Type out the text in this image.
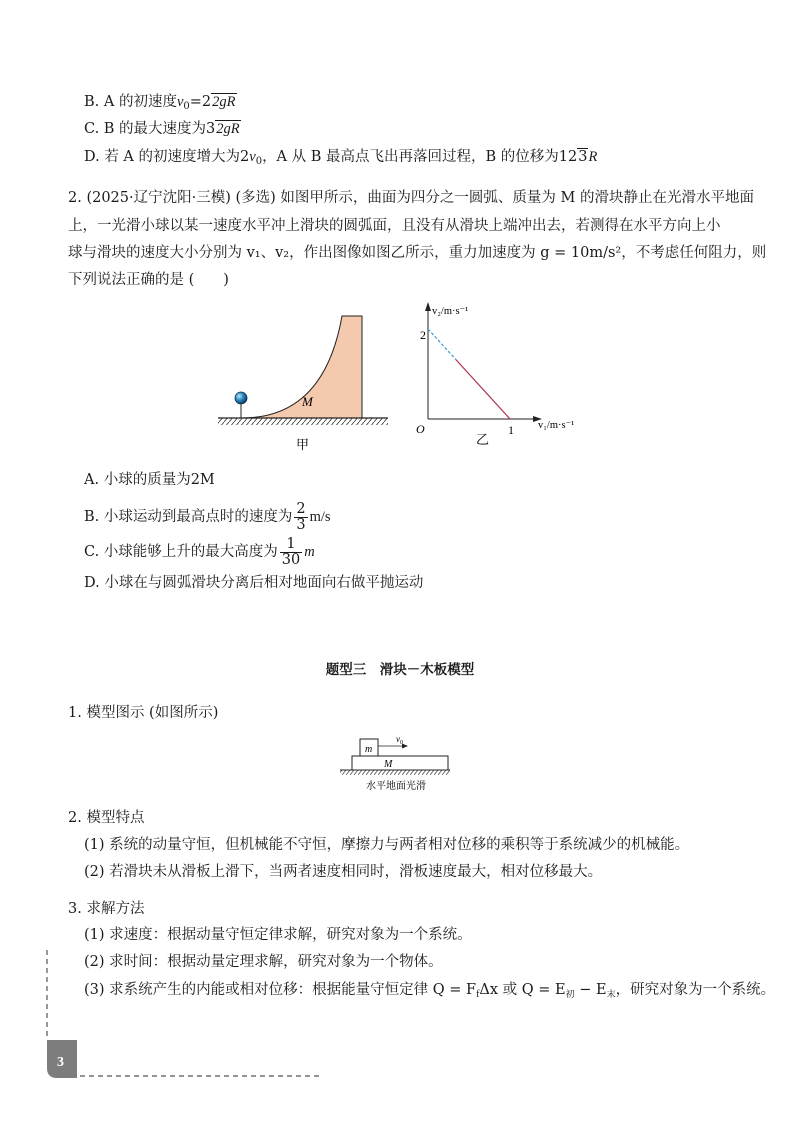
B. A 的初速度$v_0=22gR$
C. B 的最大速度为32gR
D. 若 A 的初速度增大为$2v_0$，A 从 B 最高点飞出再落回过程，B 的位移为123R
2. (2025·辽宁沈阳·三模) (多选) 如图甲所示，曲面为四分之一圆弧、质量为 M 的滑块静止在光滑水平地面
上，一光滑小球以某一速度水平冲上滑块的圆弧面，且没有从滑块上端冲出去，若测得在水平方向上小
球与滑块的速度大小分别为 v₁、v₂，作出图像如图乙所示，重力加速度为 g = 10m/s²，不考虑任何阻力，则
下列说法正确的是 (　　)
M
甲
v₂/m·s⁻¹
v₁/m·s⁻¹
O
2
1
乙
A. 小球的质量为2M
B. 小球运动到最高点时的速度为 $\frac{2}{3} m/s$
C. 小球能够上升的最大高度为 $\frac{1}{30}$ m
D. 小球在与圆弧滑块分离后相对地面向右做平抛运动
题型三　滑块－木板模型
1. 模型图示 (如图所示)
m
$v_0$
M
水平地面光滑
2. 模型特点
(1) 系统的动量守恒，但机械能不守恒，摩擦力与两者相对位移的乘积等于系统减少的机械能。
(2) 若滑块未从滑板上滑下，当两者速度相同时，滑板速度最大，相对位移最大。
3. 求解方法
(1) 求速度：根据动量守恒定律求解，研究对象为一个系统。
(2) 求时间：根据动量定理求解，研究对象为一个物体。
(3) 求系统产生的内能或相对位移：根据能量守恒定律 $Q = F_f\Delta x$ 或 $Q = E_初 - E_末$，研究对象为一个系统。
3
